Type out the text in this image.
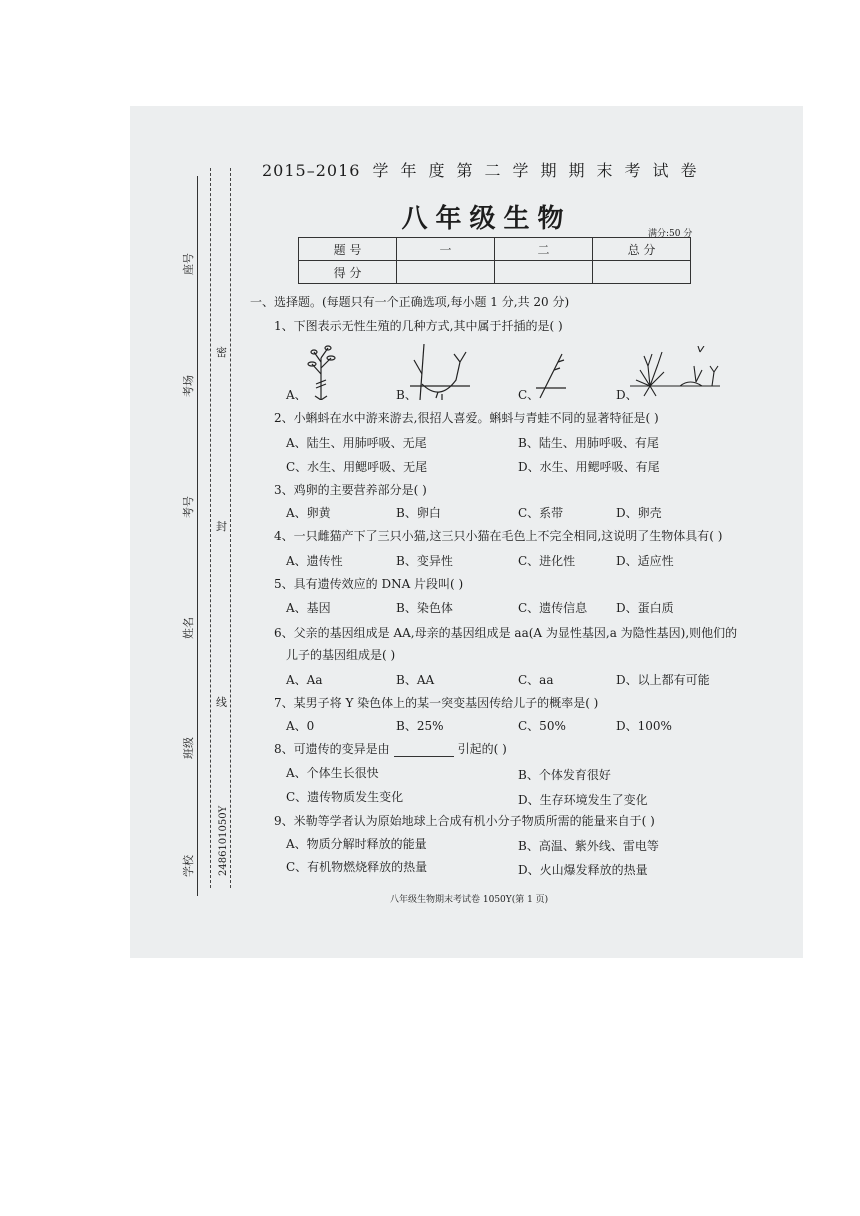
座号
考场
考号
姓名
班级
学校
密
封
线
2486101050Y
2015–2016 学年度第二学期期末考试卷
八年级生物	满分:50 分
题 号	一	二	总 分
得 分			
一、选择题。(每题只有一个正确选项,每小题 1 分,共 20 分)
1、下图表示无性生殖的几种方式,其中属于扦插的是( )
A、	B、	C、	D、
2、小蝌蚪在水中游来游去,很招人喜爱。蝌蚪与青蛙不同的显著特征是( )
A、陆生、用肺呼吸、无尾	B、陆生、用肺呼吸、有尾
C、水生、用鳃呼吸、无尾	D、水生、用鳃呼吸、有尾
3、鸡卵的主要营养部分是( )
A、卵黄	B、卵白	C、系带	D、卵壳
4、一只雌猫产下了三只小猫,这三只小猫在毛色上不完全相同,这说明了生物体具有( )
A、遗传性	B、变异性	C、进化性	D、适应性
5、具有遗传效应的 DNA 片段叫( )
A、基因	B、染色体	C、遗传信息 D、蛋白质
6、父亲的基因组成是 AA,母亲的基因组成是 aa(A 为显性基因,a 为隐性基因),则他们的
儿子的基因组成是( )
A、Aa	B、AA	C、aa	D、以上都有可能
7、某男子将 Y 染色体上的某一突变基因传给儿子的概率是( )
A、0	B、25%	C、50%	D、100%
8、可遗传的变异是由	引起的( )
A、个体生长很快	B、个体发育很好
C、遗传物质发生变化	D、生存环境发生了变化
9、米勒等学者认为原始地球上合成有机小分子物质所需的能量来自于( )
A、物质分解时释放的能量	B、高温、紫外线、雷电等
C、有机物燃烧释放的热量	D、火山爆发释放的热量
八年级生物期末考试卷 1050Y(第 1 页)
